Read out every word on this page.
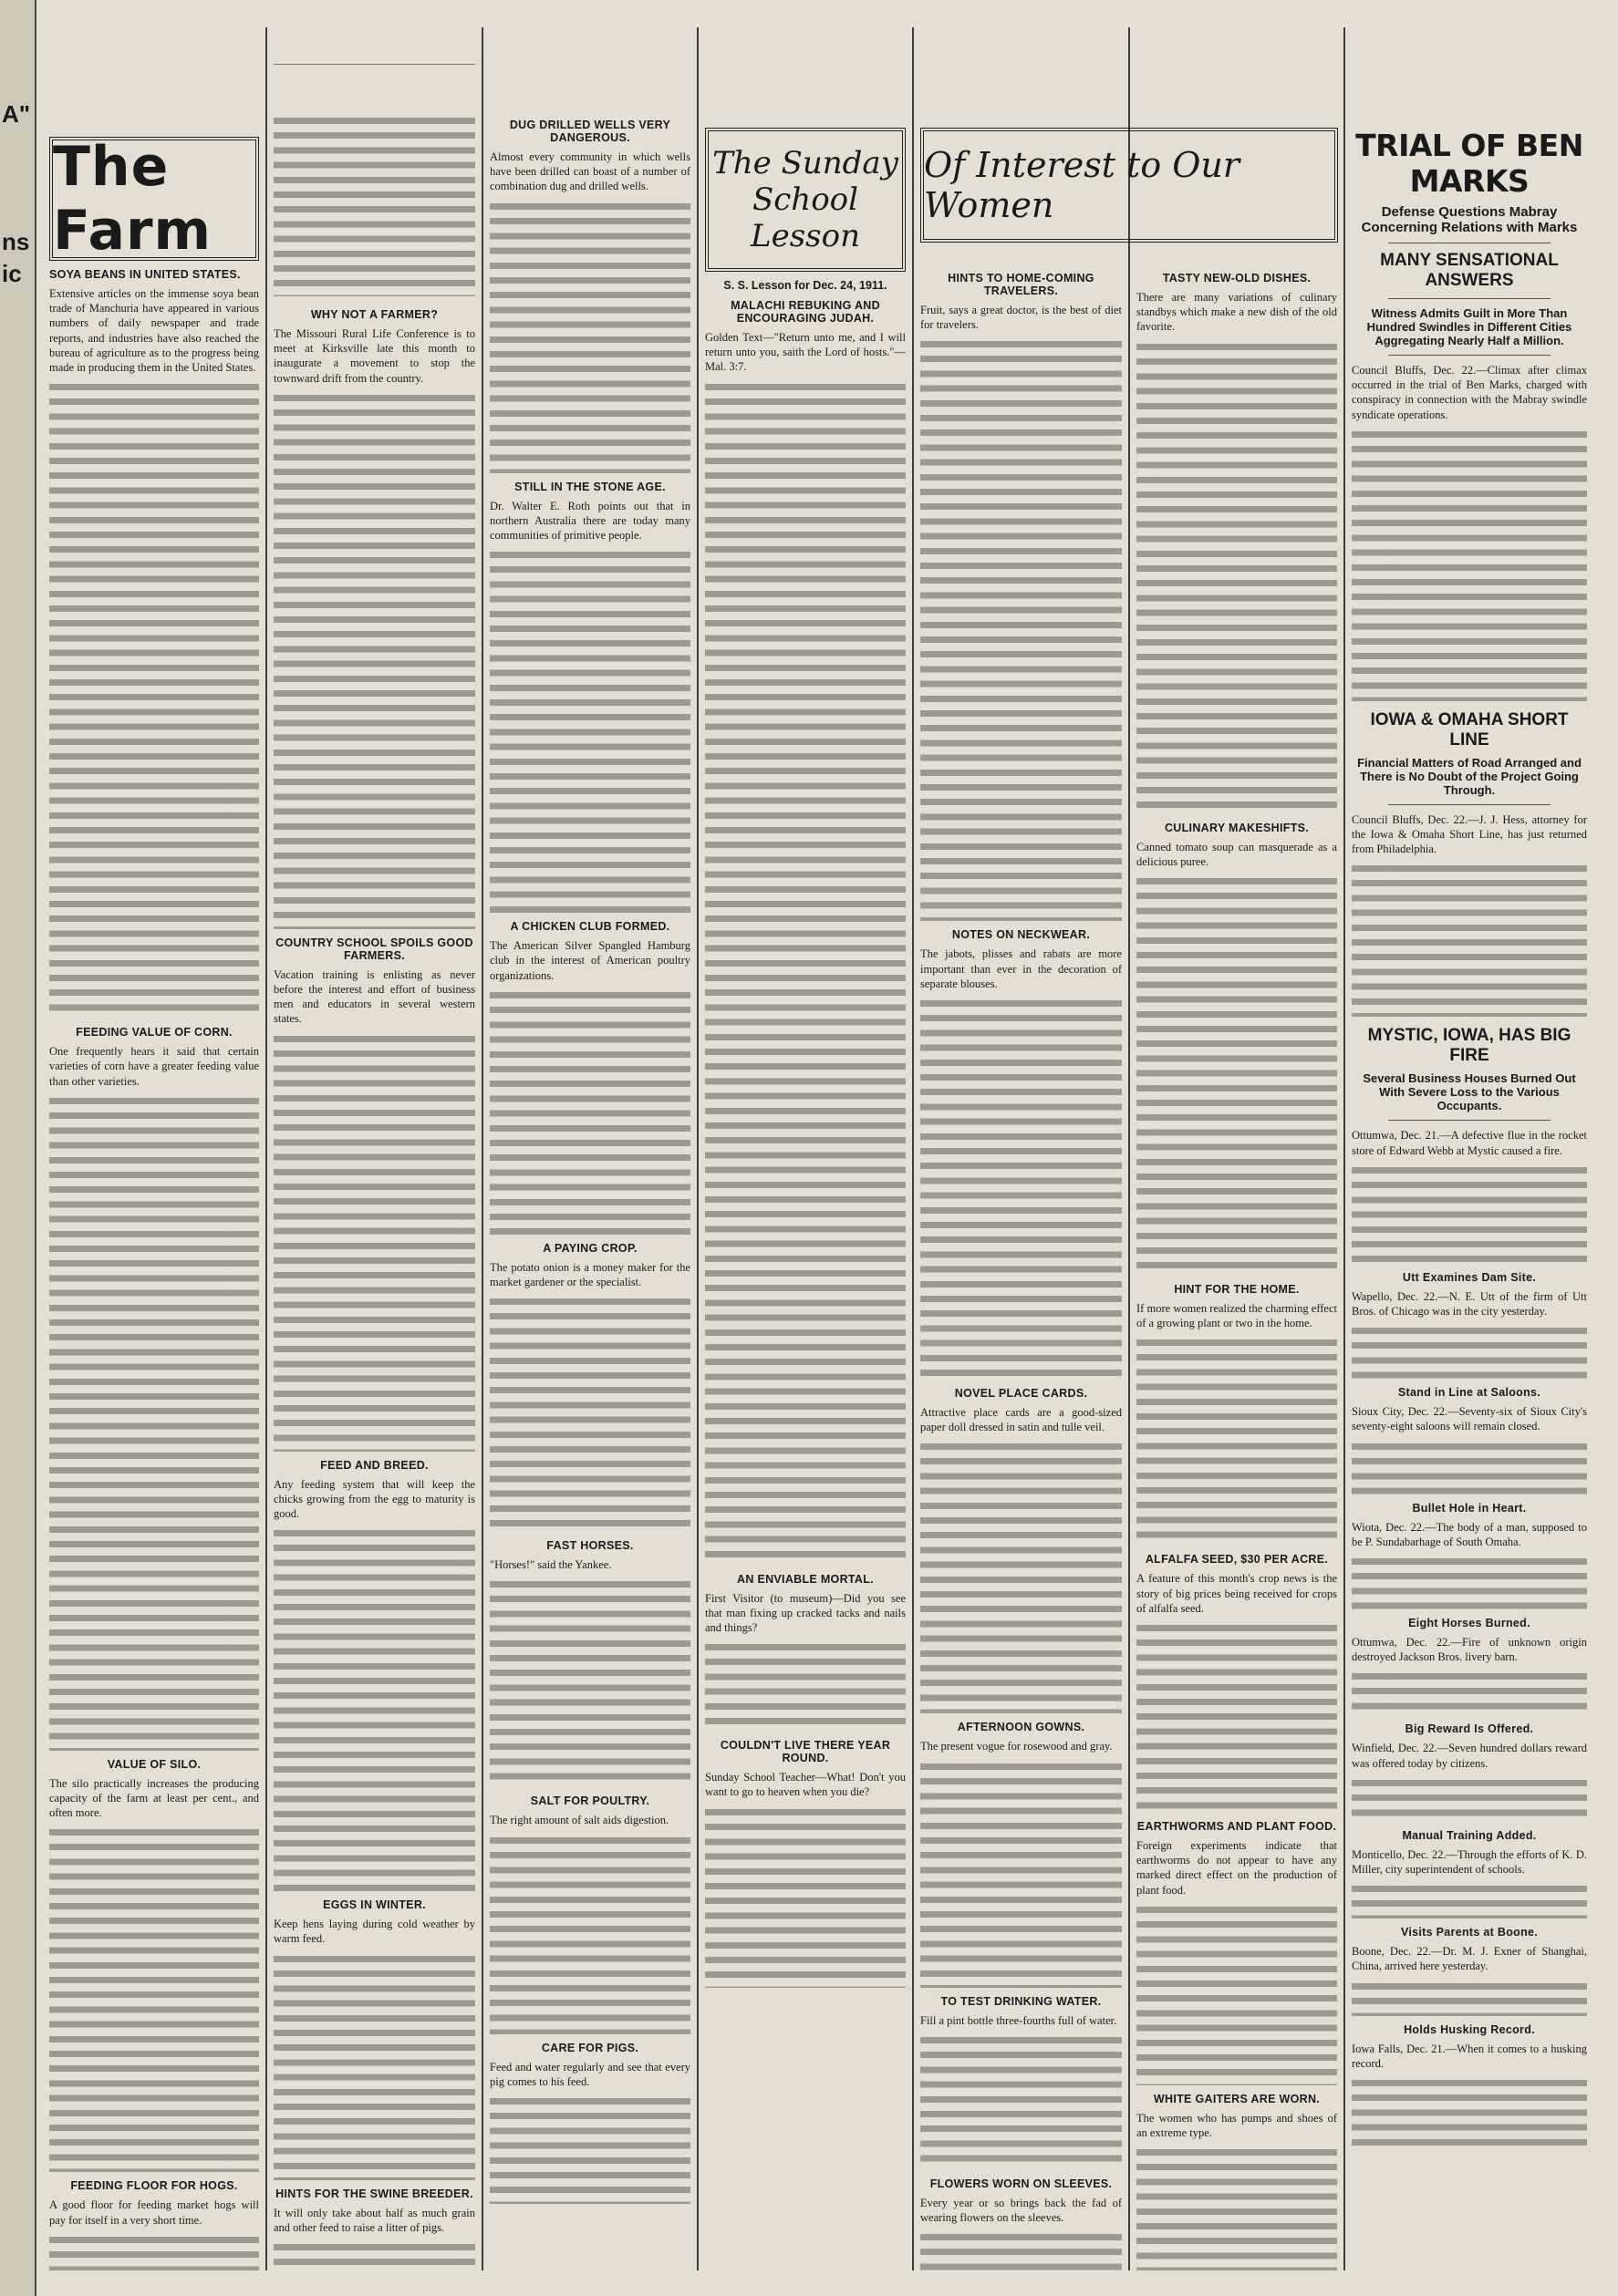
A"
ns
ic
The Farm
SOYA BEANS IN UNITED STATES.

Extensive articles on the immense soya bean trade of Manchuria have appeared in various numbers of daily newspaper and trade reports, and industries have also reached the bureau of agriculture as to the progress being made in producing them in the United States.

FEEDING VALUE OF CORN.

One frequently hears it said that certain varieties of corn have a greater feeding value than other varieties.

VALUE OF SILO.

The silo practically increases the producing capacity of the farm at least per cent., and often more.

FEEDING FLOOR FOR HOGS.

A good floor for feeding market hogs will pay for itself in a very short time.

WHY NOT A FARMER?

The Missouri Rural Life Conference is to meet at Kirksville late this month to inaugurate a movement to stop the townward drift from the country.

COUNTRY SCHOOL SPOILS GOOD FARMERS.

Vacation training is enlisting as never before the interest and effort of business men and educators in several western states.

FEED AND BREED.

Any feeding system that will keep the chicks growing from the egg to maturity is good.

EGGS IN WINTER.

Keep hens laying during cold weather by warm feed.

HINTS FOR THE SWINE BREEDER.

It will only take about half as much grain and other feed to raise a litter of pigs.

DUG DRILLED WELLS VERY DANGEROUS.

Almost every community in which wells have been drilled can boast of a number of combination dug and drilled wells.

STILL IN THE STONE AGE.

Dr. Walter E. Roth points out that in northern Australia there are today many communities of primitive people.

A CHICKEN CLUB FORMED.

The American Silver Spangled Hamburg club in the interest of American poultry organizations.

A PAYING CROP.

The potato onion is a money maker for the market gardener or the specialist.

FAST HORSES.

"Horses!" said the Yankee.

SALT FOR POULTRY.

The right amount of salt aids digestion.

CARE FOR PIGS.

Feed and water regularly and see that every pig comes to his feed.

The Sunday
School Lesson
S. S. Lesson for Dec. 24, 1911.
MALACHI REBUKING AND ENCOURAGING JUDAH.

Golden Text—"Return unto me, and I will return unto you, saith the Lord of hosts."—Mal. 3:7.

AN ENVIABLE MORTAL.

First Visitor (to museum)—Did you see that man fixing up cracked tacks and nails and things?

COULDN'T LIVE THERE YEAR ROUND.

Sunday School Teacher—What! Don't you want to go to heaven when you die?

Of Interest to Our Women
HINTS TO HOME-COMING TRAVELERS.

Fruit, says a great doctor, is the best of diet for travelers.

NOTES ON NECKWEAR.

The jabots, plisses and rabats are more important than ever in the decoration of separate blouses.

NOVEL PLACE CARDS.

Attractive place cards are a good-sized paper doll dressed in satin and tulle veil.

AFTERNOON GOWNS.

The present vogue for rosewood and gray.

TO TEST DRINKING WATER.

Fill a pint bottle three-fourths full of water.

FLOWERS WORN ON SLEEVES.

Every year or so brings back the fad of wearing flowers on the sleeves.

TASTY NEW-OLD DISHES.

There are many variations of culinary standbys which make a new dish of the old favorite.

CULINARY MAKESHIFTS.

Canned tomato soup can masquerade as a delicious puree.

HINT FOR THE HOME.

If more women realized the charming effect of a growing plant or two in the home.

ALFALFA SEED, $30 PER ACRE.

A feature of this month's crop news is the story of big prices being received for crops of alfalfa seed.

EARTHWORMS AND PLANT FOOD.

Foreign experiments indicate that earthworms do not appear to have any marked direct effect on the production of plant food.

WHITE GAITERS ARE WORN.

The women who has pumps and shoes of an extreme type.

TRIAL OF BEN MARKS
Defense Questions Mabray Concerning Relations with Marks
MANY SENSATIONAL ANSWERS
Witness Admits Guilt in More Than Hundred Swindles in Different Cities Aggregating Nearly Half a Million.

Council Bluffs, Dec. 22.—Climax after climax occurred in the trial of Ben Marks, charged with conspiracy in connection with the Mabray swindle syndicate operations.

IOWA & OMAHA SHORT LINE
Financial Matters of Road Arranged and There is No Doubt of the Project Going Through.

Council Bluffs, Dec. 22.—J. J. Hess, attorney for the Iowa & Omaha Short Line, has just returned from Philadelphia.

MYSTIC, IOWA, HAS BIG FIRE
Several Business Houses Burned Out With Severe Loss to the Various Occupants.

Ottumwa, Dec. 21.—A defective flue in the rocket store of Edward Webb at Mystic caused a fire.

Utt Examines Dam Site.

Wapello, Dec. 22.—N. E. Utt of the firm of Utt Bros. of Chicago was in the city yesterday.

Stand in Line at Saloons.

Sioux City, Dec. 22.—Seventy-six of Sioux City's seventy-eight saloons will remain closed.

Bullet Hole in Heart.

Wiota, Dec. 22.—The body of a man, supposed to be P. Sundabarhage of South Omaha.

Eight Horses Burned.

Ottumwa, Dec. 22.—Fire of unknown origin destroyed Jackson Bros. livery barn.

Big Reward Is Offered.

Winfield, Dec. 22.—Seven hundred dollars reward was offered today by citizens.

Manual Training Added.

Monticello, Dec. 22.—Through the efforts of K. D. Miller, city superintendent of schools.

Visits Parents at Boone.

Boone, Dec. 22.—Dr. M. J. Exner of Shanghai, China, arrived here yesterday.

Holds Husking Record.

Iowa Falls, Dec. 21.—When it comes to a husking record.
